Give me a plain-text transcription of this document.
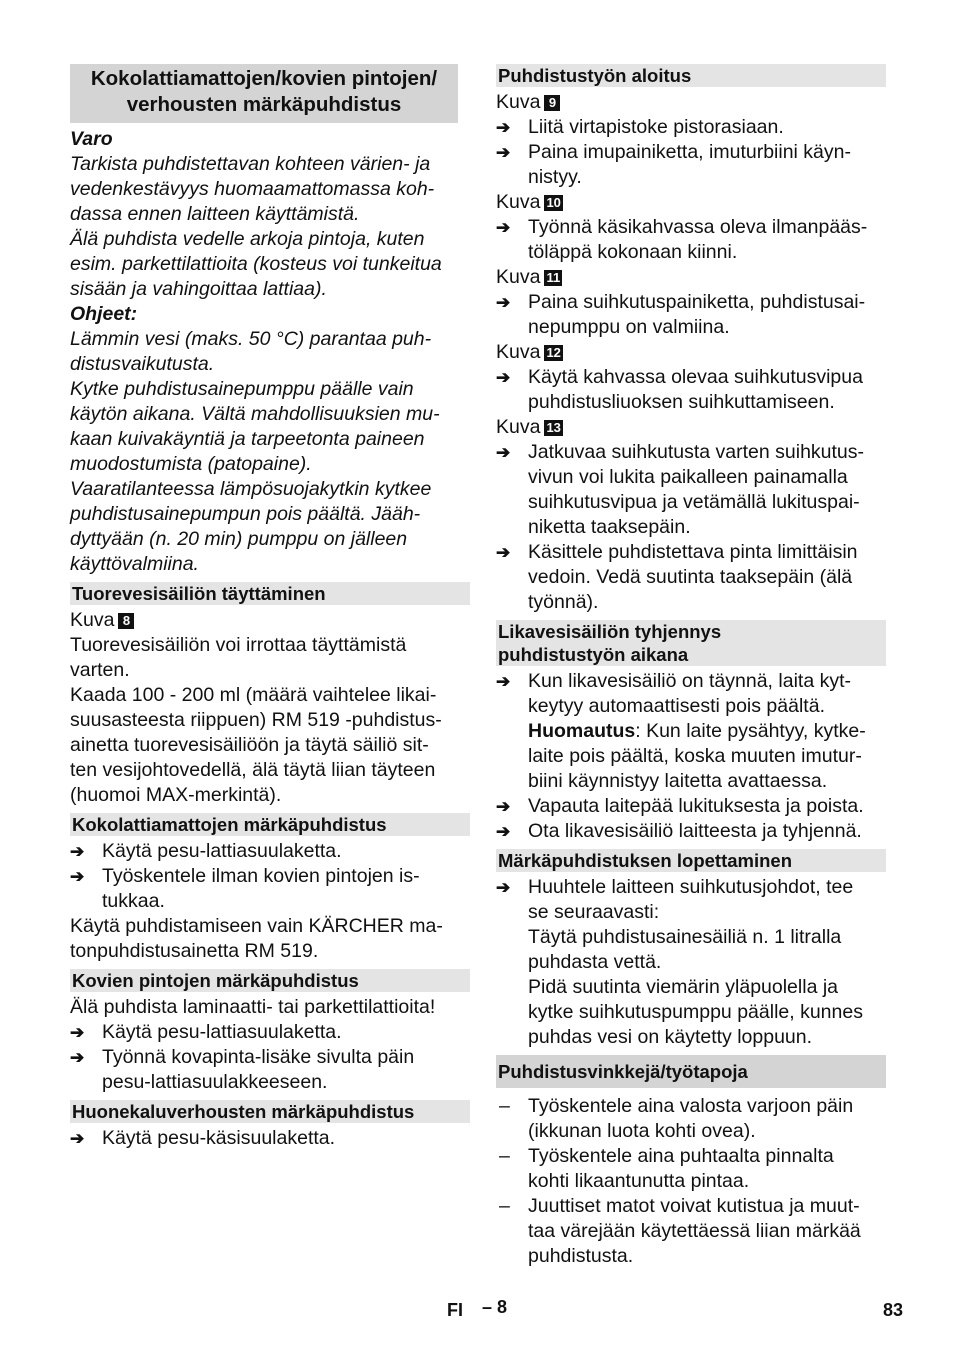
Kokolattiamattojen/kovien pintojen/
verhousten märkäpuhdistus
Varo
Tarkista puhdistettavan kohteen värien- ja
vedenkestävyys huomaamattomassa koh-
dassa ennen laitteen käyttämistä.
Älä puhdista vedelle arkoja pintoja, kuten
esim. parkettilattioita (kosteus voi tunkeitua
sisään ja vahingoittaa lattiaa).
Ohjeet:
Lämmin vesi (maks. 50 °C) parantaa puh-
distusvaikutusta.
Kytke puhdistusainepumppu päälle vain
käytön aikana. Vältä mahdollisuuksien mu-
kaan kuivakäyntiä ja tarpeetonta paineen
muodostumista (patopaine).
Vaaratilanteessa lämpösuojakytkin kytkee
puhdistusainepumpun pois päältä. Jääh-
dyttyään (n. 20 min) pumppu on jälleen
käyttövalmiina.
Tuorevesisäiliön täyttäminen
Kuva 8
Tuorevesisäiliön voi irrottaa täyttämistä
varten.
Kaada 100 - 200 ml (määrä vaihtelee likai-
suusasteesta riippuen) RM 519 -puhdistus-
ainetta tuorevesisäiliöön ja täytä säiliö sit-
ten vesijohtovedellä, älä täytä liian täyteen
(huomoi MAX-merkintä).
Kokolattiamattojen märkäpuhdistus
➔ Käytä pesu-lattiasuulaketta.
➔ Työskentele ilman kovien pintojen is-
tukkaa.
Käytä puhdistamiseen vain KÄRCHER ma-
tonpuhdistusainetta RM 519.
Kovien pintojen märkäpuhdistus
Älä puhdista laminaatti- tai parkettilattioita!
➔ Käytä pesu-lattiasuulaketta.
➔ Työnnä kovapinta-lisäke sivulta päin
pesu-lattiasuulakkeeseen.
Huonekaluverhousten märkäpuhdistus
➔ Käytä pesu-käsisuulaketta.
Puhdistustyön aloitus
Kuva 9
➔ Liitä virtapistoke pistorasiaan.
➔ Paina imupainiketta, imuturbiini käyn-
nistyy.
Kuva 10
➔ Työnnä käsikahvassa oleva ilmanpääs-
töläppä kokonaan kiinni.
Kuva 11
➔ Paina suihkutuspainiketta, puhdistusai-
nepumppu on valmiina.
Kuva 12
➔ Käytä kahvassa olevaa suihkutusvipua
puhdistusliuoksen suihkuttamiseen.
Kuva 13
➔ Jatkuvaa suihkutusta varten suihkutus-
vivun voi lukita paikalleen painamalla
suihkutusvipua ja vetämällä lukituspai-
niketta taaksepäin.
➔ Käsittele puhdistettava pinta limittäisin
vedoin. Vedä suutinta taaksepäin (älä
työnnä).
Likavesisäiliön tyhjennys
puhdistustyön aikana
➔ Kun likavesisäiliö on täynnä, laita kyt-
keytyy automaattisesti pois päältä.
Huomautus: Kun laite pysähtyy, kytke-
laite pois päältä, koska muuten imutur-
biini käynnistyy laitetta avattaessa.
➔ Vapauta laitepää lukituksesta ja poista.
➔ Ota likavesisäiliö laitteesta ja tyhjennä.
Märkäpuhdistuksen lopettaminen
➔ Huuhtele laitteen suihkutusjohdot, tee
se seuraavasti:
Täytä puhdistusainesäiliä n. 1 litralla
puhdasta vettä.
Pidä suutinta viemärin yläpuolella ja
kytke suihkutuspumppu päälle, kunnes
puhdas vesi on käytetty loppuun.
Puhdistusvinkkejä/työtapoja
– Työskentele aina valosta varjoon päin
(ikkunan luota kohti ovea).
– Työskentele aina puhtaalta pinnalta
kohti likaantunutta pintaa.
– Juuttiset matot voivat kutistua ja muut-
taa värejään käytettäessä liian märkää
puhdistusta.
FI – 8	83
